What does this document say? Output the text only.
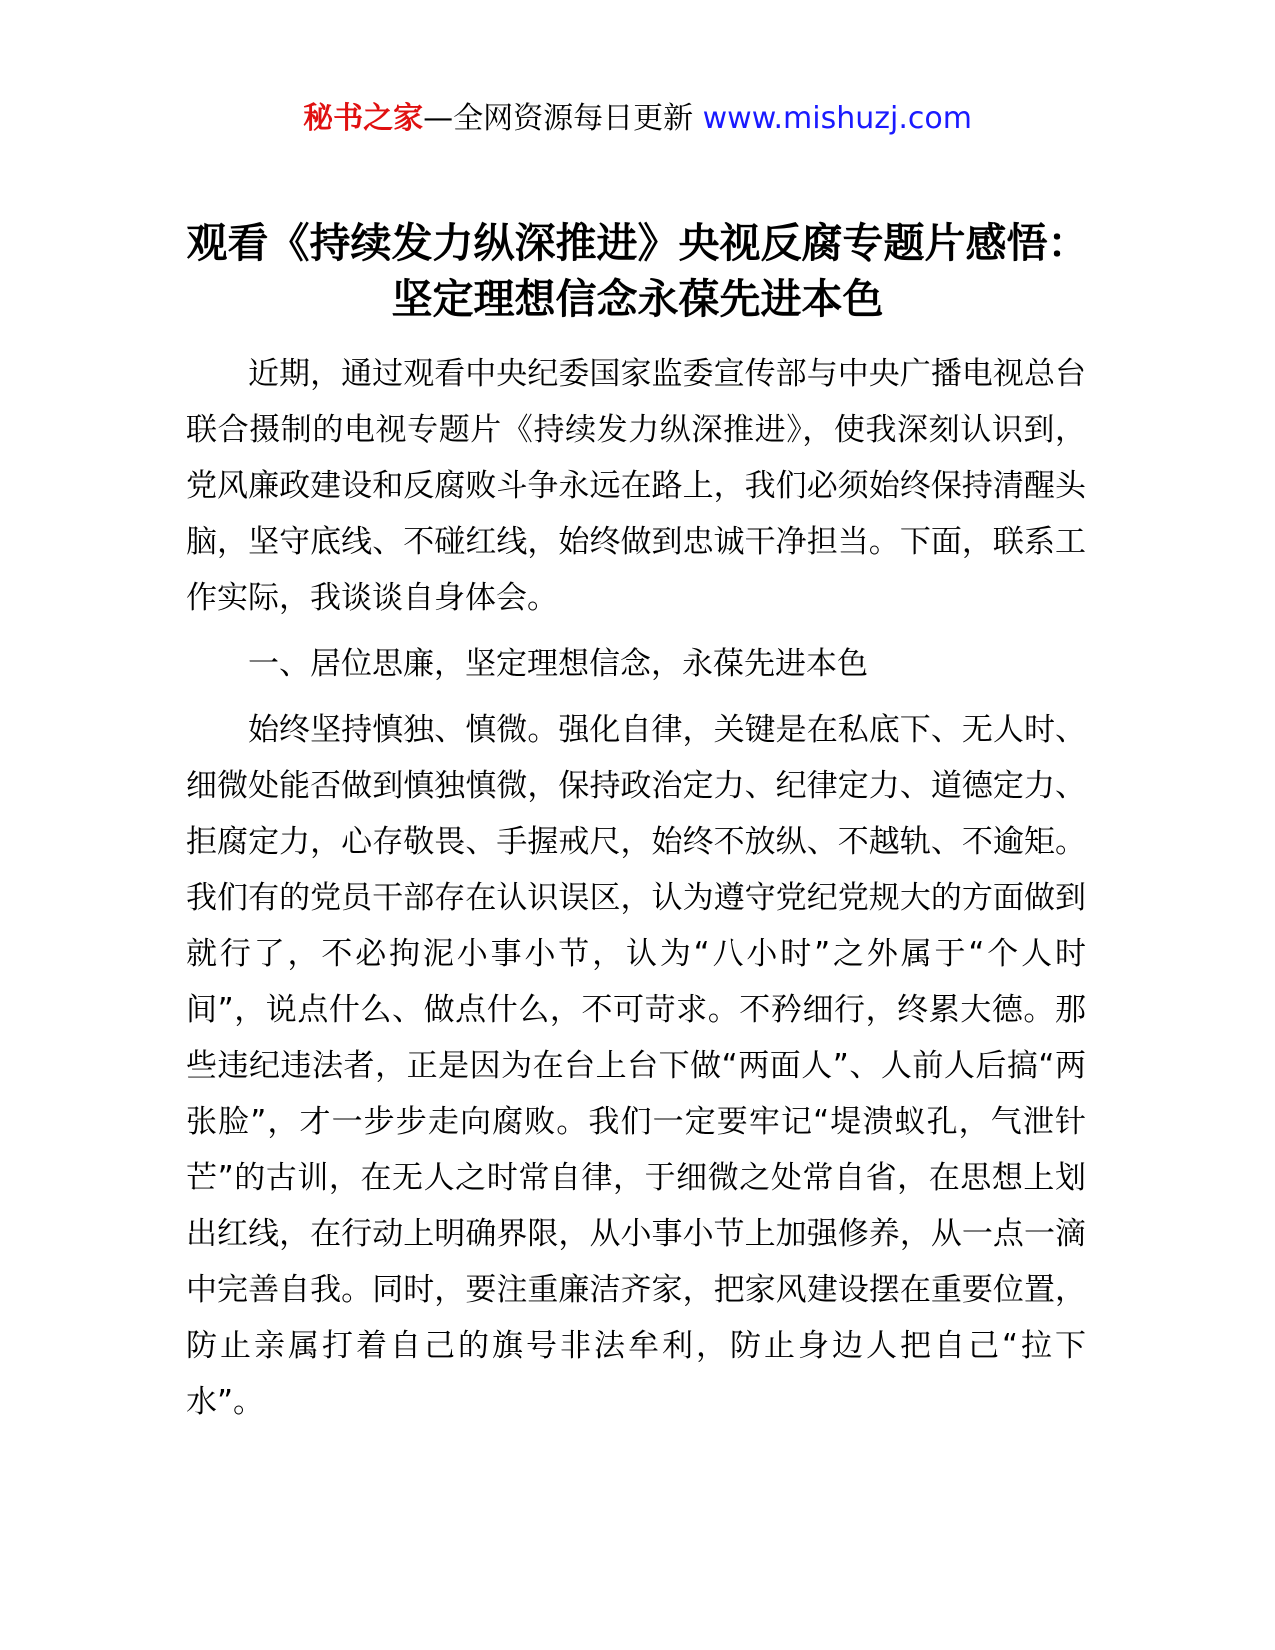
秘书之家—全网资源每日更新 www.mishuzj.com
观看《持续发力纵深推进》央视反腐专题片感悟：坚定理想信念永葆先进本色

近期，通过观看中央纪委国家监委宣传部与中央广播电视总台联合摄制的电视专题片《持续发力纵深推进》，使我深刻认识到，党风廉政建设和反腐败斗争永远在路上，我们必须始终保持清醒头脑，坚守底线、不碰红线，始终做到忠诚干净担当。下面，联系工作实际，我谈谈自身体会。

一、居位思廉，坚定理想信念，永葆先进本色

始终坚持慎独、慎微。强化自律，关键是在私底下、无人时、细微处能否做到慎独慎微，保持政治定力、纪律定力、道德定力、拒腐定力，心存敬畏、手握戒尺，始终不放纵、不越轨、不逾矩。我们有的党员干部存在认识误区，认为遵守党纪党规大的方面做到就行了，不必拘泥小事小节，认为“八小时”之外属于“个人时间”，说点什么、做点什么，不可苛求。不矜细行，终累大德。那些违纪违法者，正是因为在台上台下做“两面人”、人前人后搞“两张脸”，才一步步走向腐败。我们一定要牢记“堤溃蚁孔，气泄针芒”的古训，在无人之时常自律，于细微之处常自省，在思想上划出红线，在行动上明确界限，从小事小节上加强修养，从一点一滴中完善自我。同时，要注重廉洁齐家，把家风建设摆在重要位置，防止亲属打着自己的旗号非法牟利，防止身边人把自己“拉下水”。
